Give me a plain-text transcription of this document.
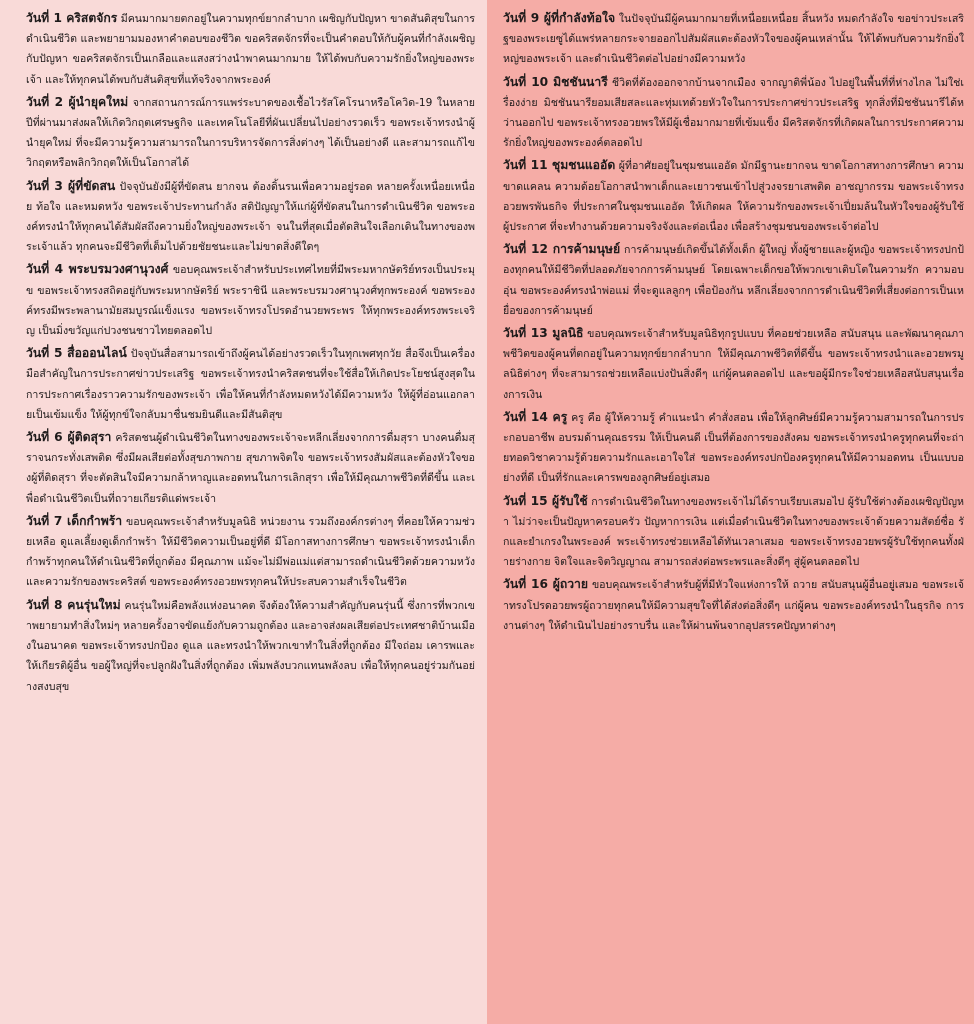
วันที่ 1 คริสตจักร มีคนมากมายตกอยู่ในความทุกข์ยากลำบาก เผชิญกับปัญหา ขาดสันติสุขในการดำเนินชีวิต และพยายามมองหาคำตอบของชีวิต ขอคริสตจักรที่จะเป็นคำตอบให้กับผู้คนที่กำลังเผชิญกับปัญหา ขอคริสตจักรเป็นเกลือและแสงสว่างนำพาคนมากมาย ให้ได้พบกับความรักยิ่งใหญ่ของพระเจ้า และให้ทุกคนได้พบกับสันติสุขที่แท้จริงจากพระองค์

วันที่ 2 ผู้นำยุคใหม่ จากสถานการณ์การแพร่ระบาดของเชื้อไวรัสโคโรนาหรือโควิด-19 ในหลายปีที่ผ่านมาส่งผลให้เกิดวิกฤตเศรษฐกิจ และเทคโนโลยีที่ผันเปลี่ยนไปอย่างรวดเร็ว ขอพระเจ้าทรงนำผู้นำยุคใหม่ ที่จะมีความรู้ความสามารถในการบริหารจัดการสิ่งต่างๆ ได้เป็นอย่างดี และสามารถแก้ไขวิกฤตหรือพลิกวิกฤตให้เป็นโอกาสได้

วันที่ 3 ผู้ที่ขัดสน ปัจจุบันยังมีผู้ที่ขัดสน ยากจน ต้องดิ้นรนเพื่อความอยู่รอด หลายครั้งเหนื่อยเหนื่อย ท้อใจ และหมดหวัง ขอพระเจ้าประทานกำลัง สติปัญญาให้แก่ผู้ที่ขัดสนในการดำเนินชีวิต ขอพระองค์ทรงนำให้ทุกคนได้สัมผัสถึงความยิ่งใหญ่ของพระเจ้า จนในที่สุดเมื่อตัดสินใจเลือกเดินในทางของพระเจ้าแล้ว ทุกคนจะมีชีวิตที่เต็มไปด้วยชัยชนะและไม่ขาดสิ่งดีใดๆ

วันที่ 4 พระบรมวงศานุวงศ์ ขอบคุณพระเจ้าสำหรับประเทศไทยที่มีพระมหากษัตริย์ทรงเป็นประมุข ขอพระเจ้าทรงสถิตอยู่กับพระมหากษัตริย์ พระราชินี และพระบรมวงศานุวงศ์ทุกพระองค์ ขอพระองค์ทรงมีพระพลานามัยสมบูรณ์แข็งแรง ขอพระเจ้าทรงโปรดอำนวยพระพร ให้ทุกพระองค์ทรงพระเจริญ เป็นมิ่งขวัญแก่ปวงชนชาวไทยตลอดไป

วันที่ 5 สื่อออนไลน์ ปัจจุบันสื่อสามารถเข้าถึงผู้คนได้อย่างรวดเร็วในทุกเพศทุกวัย สื่อจึงเป็นเครื่องมือสำคัญในการประกาศข่าวประเสริฐ ขอพระเจ้าทรงนำคริสตชนที่จะใช้สื่อให้เกิดประโยชน์สูงสุดในการประกาศเรื่องราวความรักของพระเจ้า เพื่อให้คนที่กำลังหมดหวังได้มีความหวัง ให้ผู้ที่อ่อนแอกลายเป็นเข้มแข็ง ให้ผู้ทุกข์ใจกลับมาชื่นชมยินดีและมีสันติสุข

วันที่ 6 ผู้ติดสุรา คริสตชนผู้ดำเนินชีวิตในทางของพระเจ้าจะหลีกเลี่ยงจากการดื่มสุรา บางคนดื่มสุราจนกระทั่งเสพติด ซึ่งมีผลเสียต่อทั้งสุขภาพกาย สุขภาพจิตใจ ขอพระเจ้าทรงสัมผัสและต้องหัวใจของผู้ที่ติดสุรา ที่จะตัดสินใจมีความกล้าหาญและอดทนในการเลิกสุรา เพื่อให้มีคุณภาพชีวิตที่ดีขึ้น และเพื่อดำเนินชีวิตเป็นที่ถวายเกียรติแด่พระเจ้า

วันที่ 7 เด็กกำพร้า ขอบคุณพระเจ้าสำหรับมูลนิธิ หน่วยงาน รวมถึงองค์กรต่างๆ ที่คอยให้ความช่วยเหลือ ดูแลเลี้ยงดูเด็กกำพร้า ให้มีชีวิตความเป็นอยู่ที่ดี มีโอกาสทางการศึกษา ขอพระเจ้าทรงนำเด็กกำพร้าทุกคนให้ดำเนินชีวิตที่ถูกต้อง มีคุณภาพ แม้จะไม่มีพ่อแม่แต่สามารถดำเนินชีวิตด้วยความหวัง และความรักของพระคริสต์ ขอพระองค์ทรงอวยพรทุกคนให้ประสบความสำเร็จในชีวิต

วันที่ 8 คนรุ่นใหม่ คนรุ่นใหม่คือพลังแห่งอนาคต จึงต้องให้ความสำคัญกับคนรุ่นนี้ ซึ่งการที่พวกเขาพยายามทำสิ่งใหม่ๆ หลายครั้งอาจขัดแย้งกับความถูกต้อง และอาจส่งผลเสียต่อประเทศชาติบ้านเมืองในอนาคต ขอพระเจ้าทรงปกป้อง ดูแล และทรงนำให้พวกเขาทำในสิ่งที่ถูกต้อง มีใจถ่อม เคารพและให้เกียรติผู้อื่น ขอผู้ใหญ่ที่จะปลูกฝังในสิ่งที่ถูกต้อง เพิ่มพลังบวกแทนพลังลบ เพื่อให้ทุกคนอยู่ร่วมกันอย่างสงบสุข

วันที่ 9 ผู้ที่กำลังท้อใจ ในปัจจุบันมีผู้คนมากมายที่เหนื่อยเหนื่อย สิ้นหวัง หมดกำลังใจ ขอข่าวประเสริฐของพระเยซูได้แพร่หลายกระจายออกไปสัมผัสแตะต้องหัวใจของผู้คนเหล่านั้น ให้ได้พบกับความรักยิ่งใหญ่ของพระเจ้า และดำเนินชีวิตต่อไปอย่างมีความหวัง

วันที่ 10 มิชชันนารี ชีวิตที่ต้องออกจากบ้านจากเมือง จากญาติพี่น้อง ไปอยู่ในพื้นที่ที่ห่างไกล ไม่ใช่เรื่องง่าย มิชชันนารียอมเสียสละและทุ่มเทด้วยหัวใจในการประกาศข่าวประเสริฐ ทุกสิ่งที่มิชชันนารีได้หว่านออกไป ขอพระเจ้าทรงอวยพรให้มีผู้เชื่อมากมายที่เข้มแข็ง มีคริสตจักรที่เกิดผลในการประกาศความรักยิ่งใหญ่ของพระองค์ตลอดไป

วันที่ 11 ชุมชนแออัด ผู้ที่อาศัยอยู่ในชุมชนแออัด มักมีฐานะยากจน ขาดโอกาสทางการศึกษา ความขาดแคลน ความด้อยโอกาสนำพาเด็กและเยาวชนเข้าไปสู่วงจรยาเสพติด อาชญากรรม ขอพระเจ้าทรงอวยพรพันธกิจ ที่ประกาศในชุมชนแออัด ให้เกิดผล ให้ความรักของพระเจ้าเปี่ยมล้นในหัวใจของผู้รับใช้ ผู้ประกาศ ที่จะทำงานด้วยความจริงจังและต่อเนื่อง เพื่อสร้างชุมชนของพระเจ้าต่อไป

วันที่ 12 การค้ามนุษย์ การค้ามนุษย์เกิดขึ้นได้ทั้งเด็ก ผู้ใหญ่ ทั้งผู้ชายและผู้หญิง ขอพระเจ้าทรงปกป้องทุกคนให้มีชีวิตที่ปลอดภัยจากการค้ามนุษย์ โดยเฉพาะเด็กขอให้พวกเขาเติบโตในความรัก ความอบอุ่น ขอพระองค์ทรงนำพ่อแม่ ที่จะดูแลลูกๆ เพื่อป้องกัน หลีกเลี่ยงจากการดำเนินชีวิตที่เสี่ยงต่อการเป็นเหยื่อของการค้ามนุษย์

วันที่ 13 มูลนิธิ ขอบคุณพระเจ้าสำหรับมูลนิธิทุกรูปแบบ ที่คอยช่วยเหลือ สนับสนุน และพัฒนาคุณภาพชีวิตของผู้คนที่ตกอยู่ในความทุกข์ยากลำบาก ให้มีคุณภาพชีวิตที่ดีขึ้น ขอพระเจ้าทรงนำและอวยพรมูลนิธิต่างๆ ที่จะสามารถช่วยเหลือแบ่งปันสิ่งดีๆ แก่ผู้คนตลอดไป และขอผู้มีกระใจช่วยเหลือสนับสนุนเรื่องการเงิน

วันที่ 14 ครู ครู คือ ผู้ให้ความรู้ คำแนะนำ คำสั่งสอน เพื่อให้ลูกศิษย์มีความรู้ความสามารถในการประกอบอาชีพ อบรมด้านคุณธรรม ให้เป็นคนดี เป็นที่ต้องการของสังคม ขอพระเจ้าทรงนำครูทุกคนที่จะถ่ายทอดวิชาความรู้ด้วยความรักและเอาใจใส่ ขอพระองค์ทรงปกป้องครูทุกคนให้มีความอดทน เป็นแบบอย่างที่ดี เป็นที่รักและเคารพของลูกศิษย์อยู่เสมอ

วันที่ 15 ผู้รับใช้ การดำเนินชีวิตในทางของพระเจ้าไม่ได้ราบเรียบเสมอไป ผู้รับใช้ต่างต้องเผชิญปัญหา ไม่ว่าจะเป็นปัญหาครอบครัว ปัญหาการเงิน แต่เมื่อดำเนินชีวิตในทางของพระเจ้าด้วยความสัตย์ซื่อ รักและยำเกรงในพระองค์ พระเจ้าทรงช่วยเหลือได้ทันเวลาเสมอ ขอพระเจ้าทรงอวยพรผู้รับใช้ทุกคนทั้งฝ่ายร่างกาย จิตใจและจิตวิญญาณ สามารถส่งต่อพระพรและสิ่งดีๆ สู่ผู้คนตลอดไป

วันที่ 16 ผู้ถวาย ขอบคุณพระเจ้าสำหรับผู้ที่มีหัวใจแห่งการให้ ถวาย สนับสนุนผู้อื่นอยู่เสมอ ขอพระเจ้าทรงโปรดอวยพรผู้ถวายทุกคนให้มีความสุขใจที่ได้ส่งต่อสิ่งดีๆ แก่ผู้คน ขอพระองค์ทรงนำในธุรกิจ การงานต่างๆ ให้ดำเนินไปอย่างราบรื่น และให้ผ่านพ้นจากอุปสรรคปัญหาต่างๆ
